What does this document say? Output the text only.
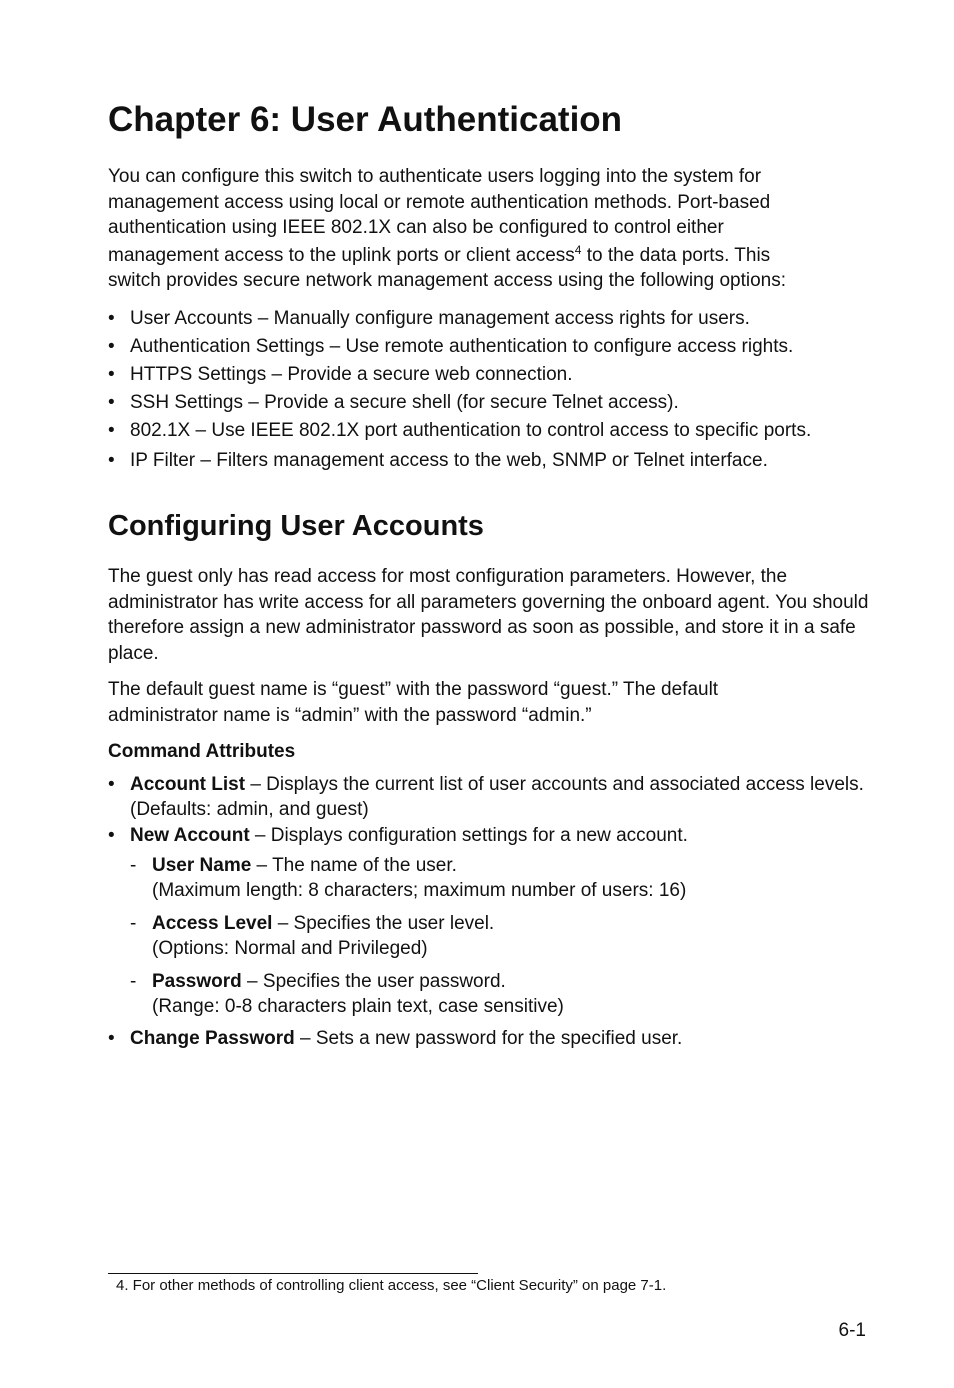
Chapter 6: User Authentication

You can configure this switch to authenticate users logging into the system for
management access using local or remote authentication methods. Port-based
authentication using IEEE 802.1X can also be configured to control either
management access to the uplink ports or client access$^4$ to the data ports. This
switch provides secure network management access using the following options:

• User Accounts – Manually configure management access rights for users.
• Authentication Settings – Use remote authentication to configure access rights.
• HTTPS Settings – Provide a secure web connection.
• SSH Settings – Provide a secure shell (for secure Telnet access).
• 802.1X – Use IEEE 802.1X port authentication to control access to specific ports.
• IP Filter – Filters management access to the web, SNMP or Telnet interface.
Configuring User Accounts

The guest only has read access for most configuration parameters. However, the administrator has write access for all parameters governing the onboard agent. You should therefore assign a new administrator password as soon as possible, and store it in a safe place.

The default guest name is “guest” with the password “guest.” The default administrator name is “admin” with the password “admin.”

Command Attributes
• Account List – Displays the current list of user accounts and associated access levels. (Defaults: admin, and guest)
• New Account – Displays configuration settings for a new account.
- User Name – The name of the user.
(Maximum length: 8 characters; maximum number of users: 16)
- Access Level – Specifies the user level.
(Options: Normal and Privileged)
- Password – Specifies the user password.
(Range: 0-8 characters plain text, case sensitive)
• Change Password – Sets a new password for the specified user.
4. For other methods of controlling client access, see “Client Security” on page 7-1.
6-1
